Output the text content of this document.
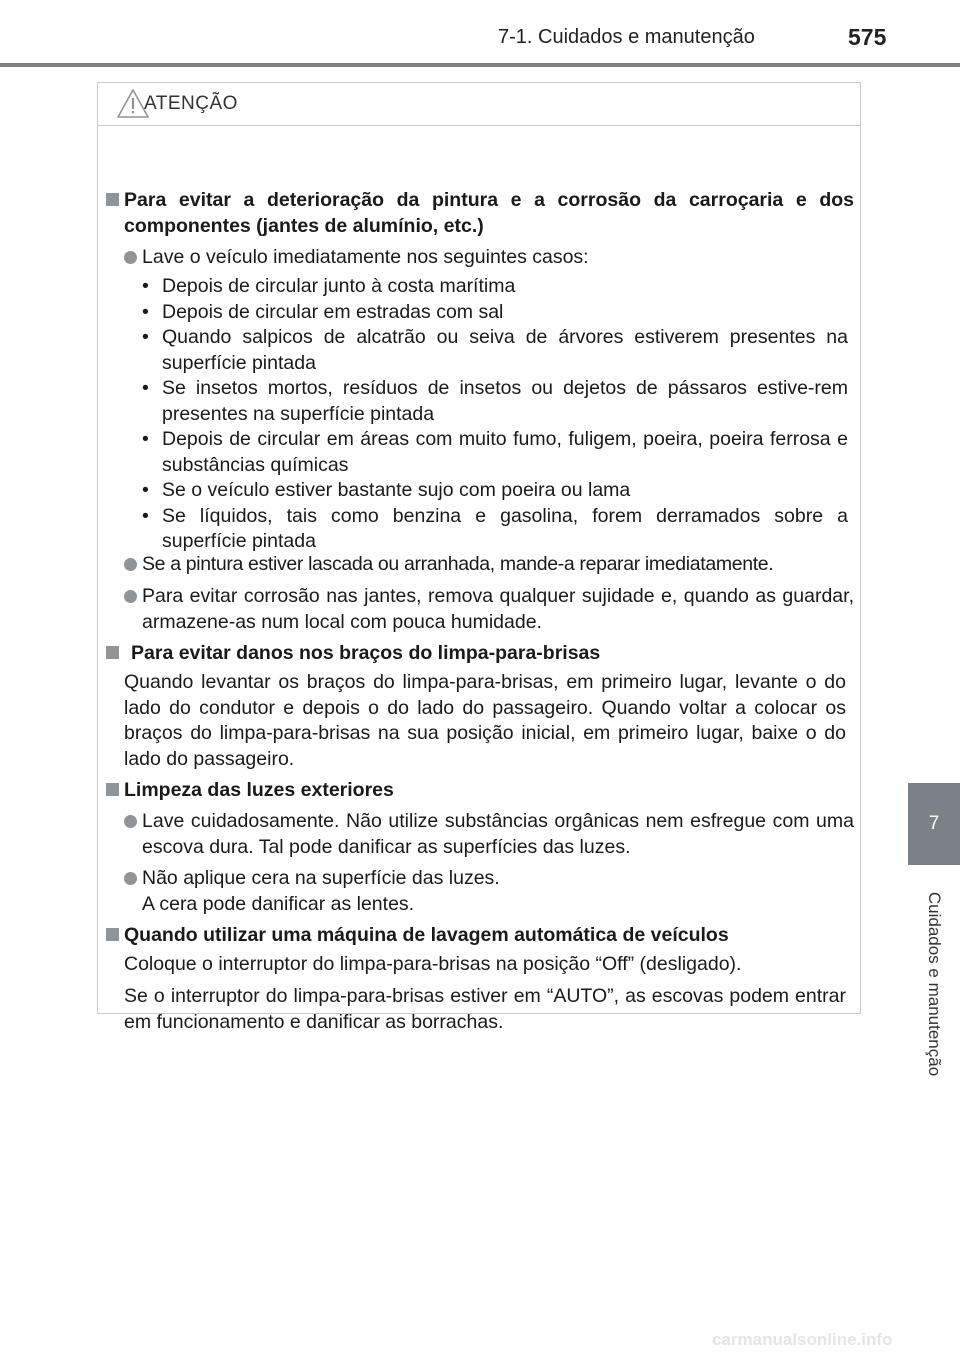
7-1. Cuidados e manutenção	575
7
Cuidados e manutenção
ATENÇÃO
Para evitar a deterioração da pintura e a corrosão da carroçaria e dos componentes (jantes de alumínio, etc.)
Lave o veículo imediatamente nos seguintes casos:
• Depois de circular junto à costa marítima
• Depois de circular em estradas com sal
• Quando salpicos de alcatrão ou seiva de árvores estiverem presentes na superfície pintada
• Se insetos mortos, resíduos de insetos ou dejetos de pássaros estive-rem presentes na superfície pintada
• Depois de circular em áreas com muito fumo, fuligem, poeira, poeira ferrosa e substâncias químicas
• Se o veículo estiver bastante sujo com poeira ou lama
• Se líquidos, tais como benzina e gasolina, forem derramados sobre a superfície pintada
Se a pintura estiver lascada ou arranhada, mande-a reparar imediatamente.
Para evitar corrosão nas jantes, remova qualquer sujidade e, quando as guardar, armazene-as num local com pouca humidade.
Para evitar danos nos braços do limpa-para-brisas
Quando levantar os braços do limpa-para-brisas, em primeiro lugar, levante o do lado do condutor e depois o do lado do passageiro. Quando voltar a colocar os braços do limpa-para-brisas na sua posição inicial, em primeiro lugar, baixe o do lado do passageiro.
Limpeza das luzes exteriores
Lave cuidadosamente. Não utilize substâncias orgânicas nem esfregue com uma escova dura. Tal pode danificar as superfícies das luzes.
Não aplique cera na superfície das luzes.
A cera pode danificar as lentes.
Quando utilizar uma máquina de lavagem automática de veículos
Coloque o interruptor do limpa-para-brisas na posição “Off” (desligado).
Se o interruptor do limpa-para-brisas estiver em “AUTO”, as escovas podem entrar em funcionamento e danificar as borrachas.
carmanualsonline.info
